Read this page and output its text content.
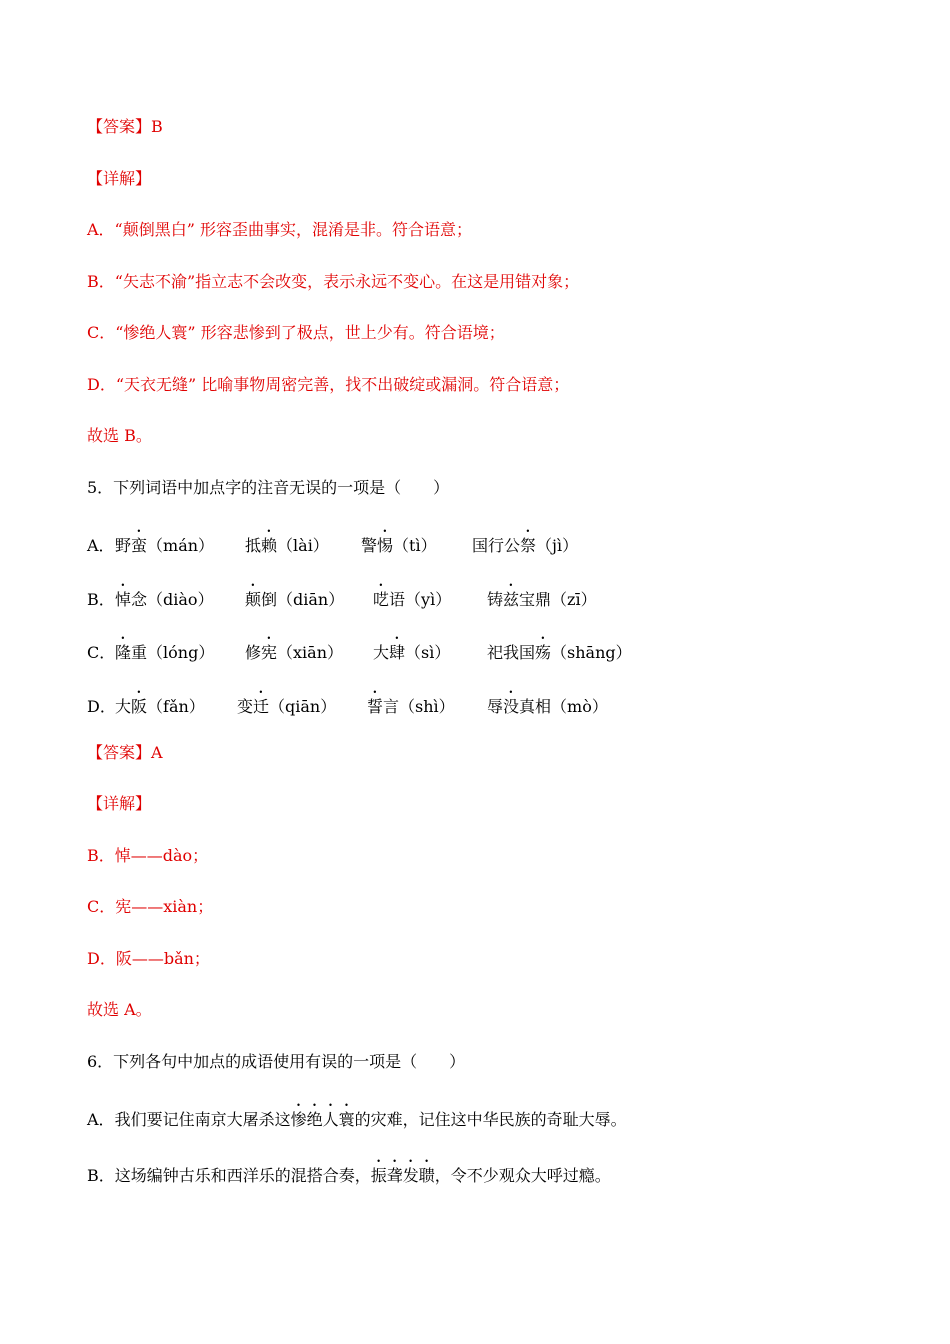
【答案】B
【详解】
A．“颠倒黑白” 形容歪曲事实，混淆是非。符合语意；
B．“矢志不渝”指立志不会改变，表示永远不变心。在这是用错对象；
C．“惨绝人寰” 形容悲惨到了极点，世上少有。符合语境；
D．“天衣无缝” 比喻事物周密完善，找不出破绽或漏洞。符合语意；
故选 B。
5．下列词语中加点字的注音无误的一项是（　　）
A．野蛮（mán） 抵赖（lài） 警惕（tì） 国行公祭（jì）
B．悼念（diào） 颠倒（diān） 呓语（yì） 铸兹宝鼎（zī）
C．隆重（lóng） 修宪（xiān） 大肆（sì） 祀我国殇（shāng）
D．大阪（fǎn） 变迁（qiān） 誓言（shì） 辱没真相（mò）
【答案】A
【详解】
B．悼——dào；
C．宪——xiàn；
D．阪——bǎn；
故选 A。
6．下列各句中加点的成语使用有误的一项是（　　）
A．我们要记住南京大屠杀这惨绝人寰的灾难，记住这中华民族的奇耻大辱。
B．这场编钟古乐和西洋乐的混搭合奏，振聋发聩，令不少观众大呼过瘾。
